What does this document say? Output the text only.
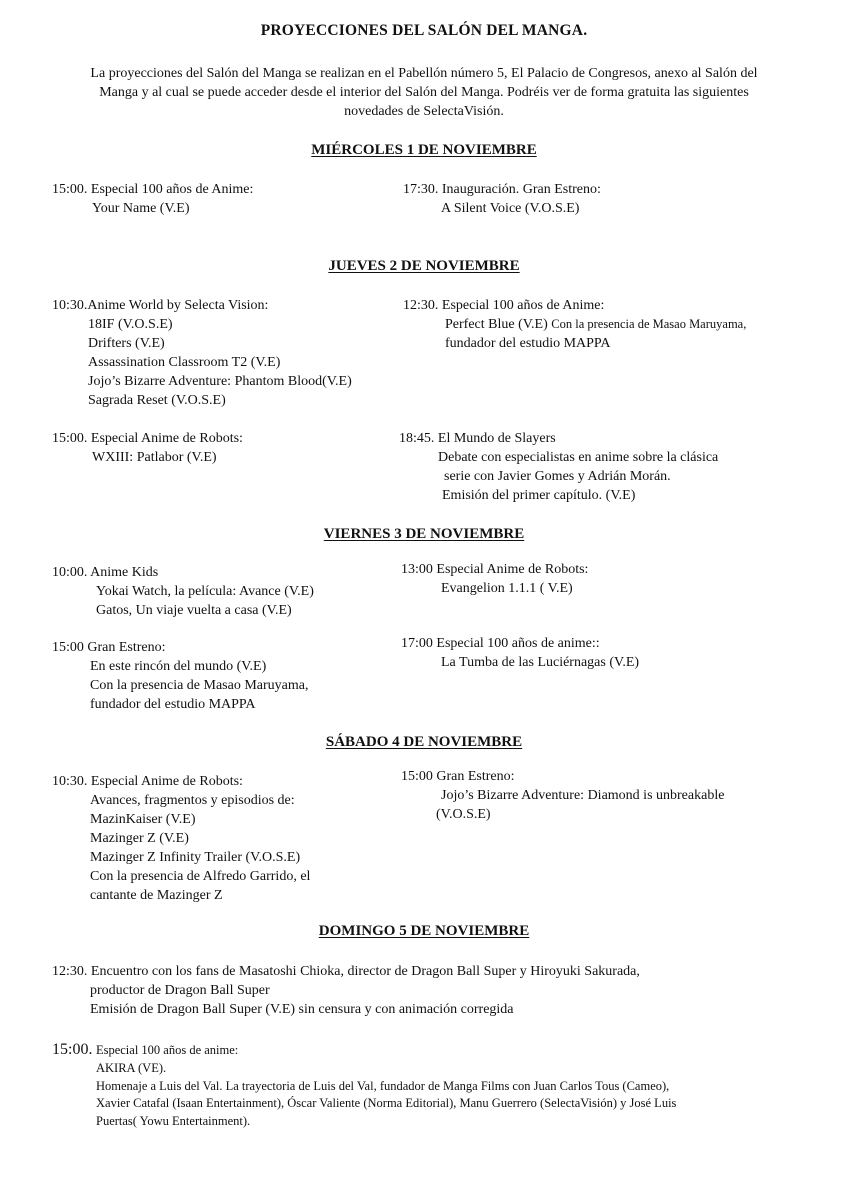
PROYECCIONES DEL SALÓN DEL MANGA.
La proyecciones del Salón del Manga se realizan en el Pabellón número 5, El Palacio de Congresos, anexo al Salón del
Manga y al cual se puede acceder desde el interior del Salón del Manga. Podréis ver de forma gratuita las siguientes
novedades de SelectaVisión.
MIÉRCOLES 1 DE NOVIEMBRE
15:00. Especial 100 años de Anime:
Your Name (V.E)
17:30. Inauguración. Gran Estreno:
A Silent Voice (V.O.S.E)
JUEVES 2 DE NOVIEMBRE
10:30.Anime World by Selecta Vision:
18IF (V.O.S.E)
Drifters (V.E)
Assassination Classroom T2 (V.E)
Jojo’s Bizarre Adventure: Phantom Blood(V.E)
Sagrada Reset (V.O.S.E)
12:30. Especial 100 años de Anime:
Perfect Blue (V.E) Con la presencia de Masao Maruyama,
fundador del estudio MAPPA
15:00. Especial Anime de Robots:
WXIII: Patlabor (V.E)
18:45. El Mundo de Slayers
Debate con especialistas en anime sobre la clásica
serie con Javier Gomes y Adrián Morán.
Emisión del primer capítulo. (V.E)
VIERNES 3 DE NOVIEMBRE
10:00. Anime Kids
Yokai Watch, la película: Avance (V.E)
Gatos, Un viaje vuelta a casa (V.E)
13:00 Especial Anime de Robots:
Evangelion 1.1.1 ( V.E)
15:00 Gran Estreno:
En este rincón del mundo (V.E)
Con la presencia de Masao Maruyama,
fundador del estudio MAPPA
17:00 Especial 100 años de anime::
La Tumba de las Luciérnagas (V.E)
SÁBADO 4 DE NOVIEMBRE
10:30. Especial Anime de Robots:
Avances, fragmentos y episodios de:
MazinKaiser (V.E)
Mazinger Z (V.E)
Mazinger Z Infinity Trailer (V.O.S.E)
Con la presencia de Alfredo Garrido, el
cantante de Mazinger Z
15:00 Gran Estreno:
Jojo’s Bizarre Adventure: Diamond is unbreakable
(V.O.S.E)
DOMINGO 5 DE NOVIEMBRE
12:30. Encuentro con los fans de Masatoshi Chioka, director de Dragon Ball Super y Hiroyuki Sakurada,
productor de Dragon Ball Super
Emisión de Dragon Ball Super (V.E) sin censura y con animación corregida
15:00. Especial 100 años de anime:
AKIRA (VE).
Homenaje a Luis del Val. La trayectoria de Luis del Val, fundador de Manga Films con Juan Carlos Tous (Cameo),
Xavier Catafal (Isaan Entertainment), Óscar Valiente (Norma Editorial), Manu Guerrero (SelectaVisión) y José Luis
Puertas( Yowu Entertainment).
